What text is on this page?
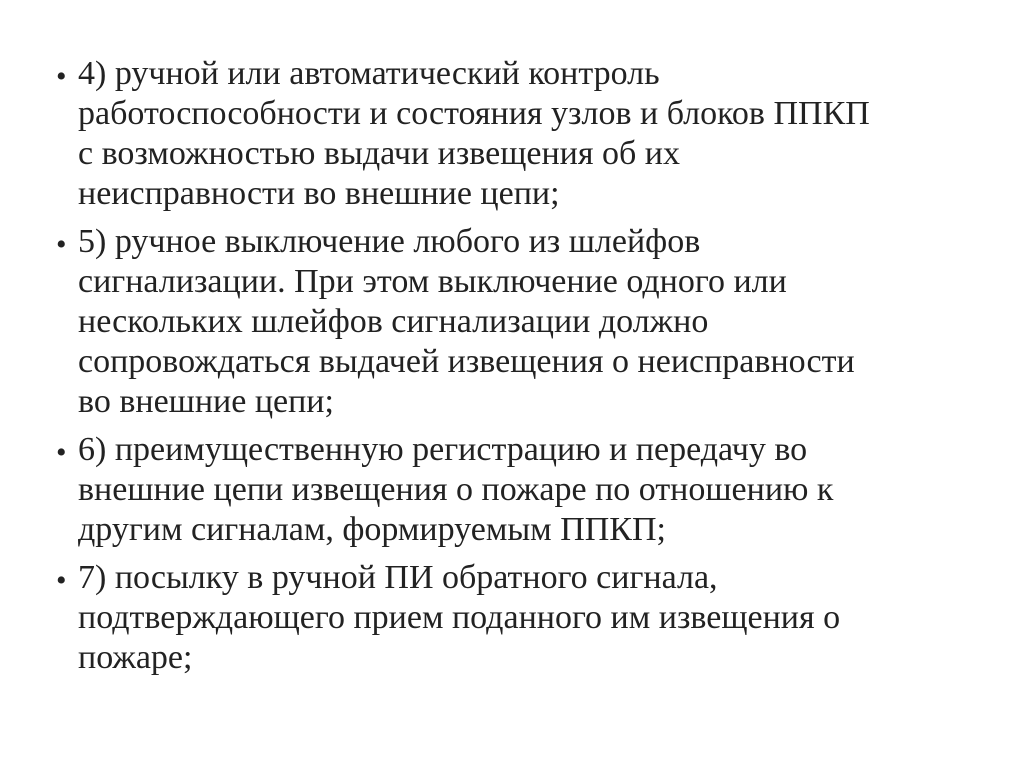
• 4) ручной или автоматический контроль
работоспособности и состояния узлов и блоков ППКП
с возможностью выдачи извещения об их
неисправности во внешние цепи;
• 5) ручное выключение любого из шлейфов
сигнализации. При этом выключение одного или
нескольких шлейфов сигнализации должно
сопровождаться выдачей извещения о неисправности
во внешние цепи;
• 6) преимущественную регистрацию и передачу во
внешние цепи извещения о пожаре по отношению к
другим сигналам, формируемым ППКП;
• 7) посылку в ручной ПИ обратного сигнала,
подтверждающего прием поданного им извещения о
пожаре;
